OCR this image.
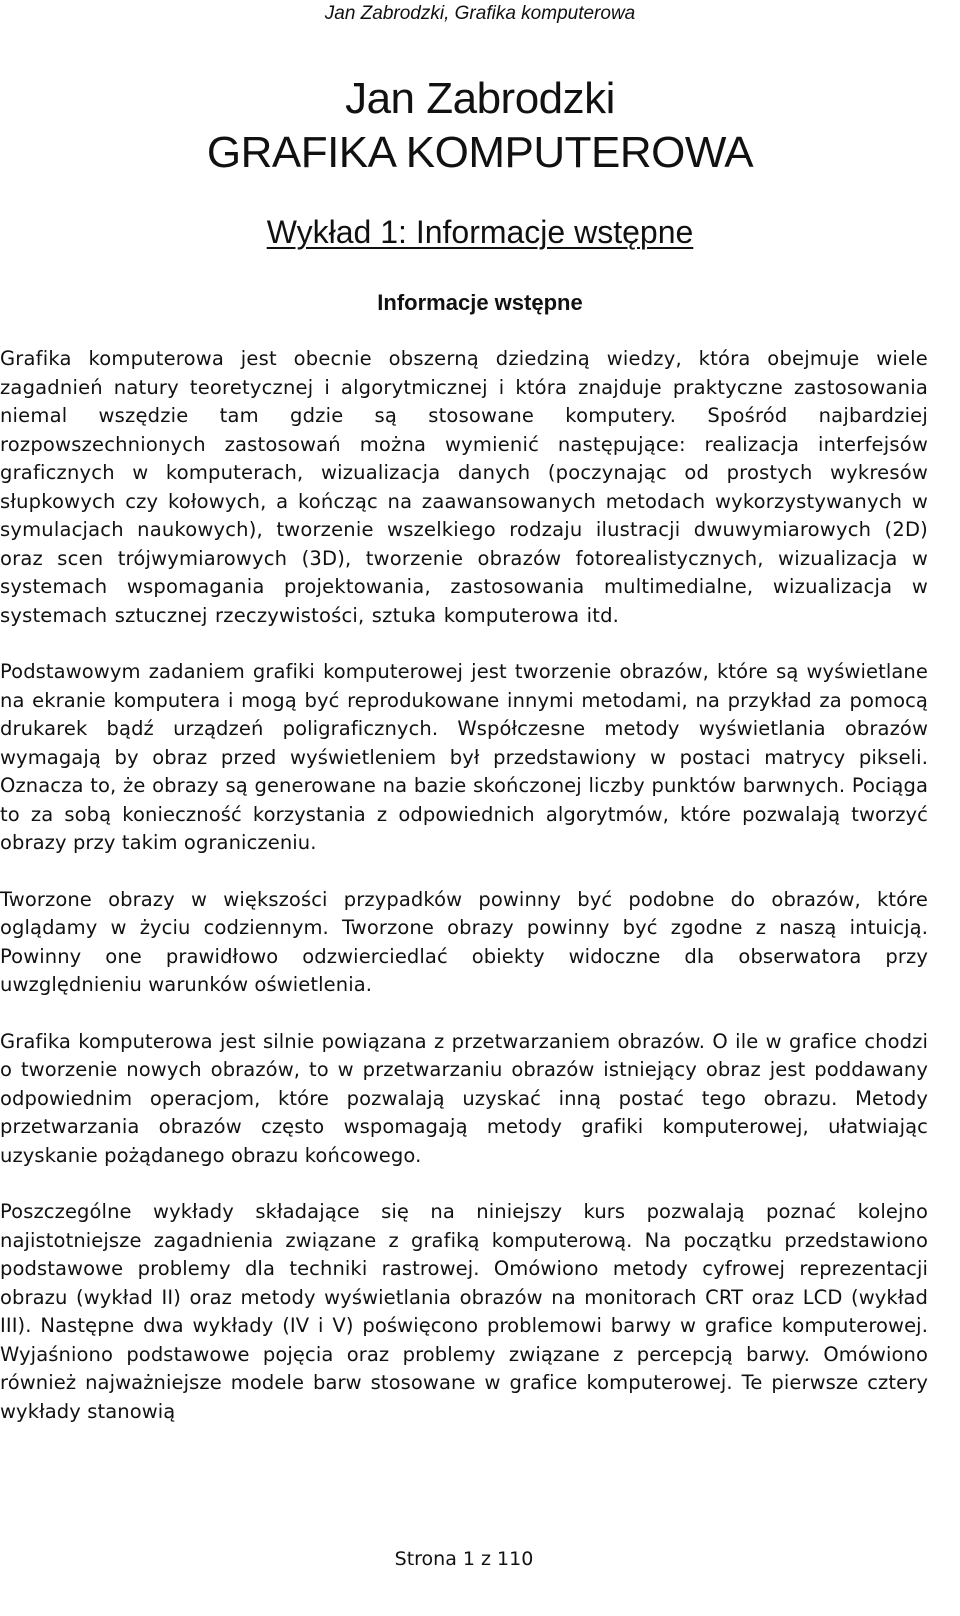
Jan Zabrodzki, Grafika komputerowa
Jan Zabrodzki
GRAFIKA KOMPUTEROWA
Wykład 1: Informacje wstępne
Informacje wstępne

Grafika komputerowa jest obecnie obszerną dziedziną wiedzy, która obejmuje wiele zagadnień natury teoretycznej i algorytmicznej i która znajduje praktyczne zastosowania niemal wszędzie tam gdzie są stosowane komputery. Spośród najbardziej rozpowszechnionych zastosowań można wymienić następujące: realizacja interfejsów graficznych w komputerach, wizualizacja danych (poczynając od prostych wykresów słupkowych czy kołowych, a kończąc na zaawansowanych metodach wykorzystywanych w symulacjach naukowych), tworzenie wszelkiego rodzaju ilustracji dwuwymiarowych (2D) oraz scen trójwymiarowych (3D), tworzenie obrazów fotorealistycznych, wizualizacja w systemach wspomagania projektowania, zastosowania multimedialne, wizualizacja w systemach sztucznej rzeczywistości, sztuka komputerowa itd.

Podstawowym zadaniem grafiki komputerowej jest tworzenie obrazów, które są wyświetlane na ekranie komputera i mogą być reprodukowane innymi metodami, na przykład za pomocą drukarek bądź urządzeń poligraficznych. Współczesne metody wyświetlania obrazów wymagają by obraz przed wyświetleniem był przedstawiony w postaci matrycy pikseli. Oznacza to, że obrazy są generowane na bazie skończonej liczby punktów barwnych. Pociąga to za sobą konieczność korzystania z odpowiednich algorytmów, które pozwalają tworzyć obrazy przy takim ograniczeniu.

Tworzone obrazy w większości przypadków powinny być podobne do obrazów, które oglądamy w życiu codziennym. Tworzone obrazy powinny być zgodne z naszą intuicją. Powinny one prawidłowo odzwierciedlać obiekty widoczne dla obserwatora przy uwzględnieniu warunków oświetlenia.

Grafika komputerowa jest silnie powiązana z przetwarzaniem obrazów. O ile w grafice chodzi o tworzenie nowych obrazów, to w przetwarzaniu obrazów istniejący obraz jest poddawany odpowiednim operacjom, które pozwalają uzyskać inną postać tego obrazu. Metody przetwarzania obrazów często wspomagają metody grafiki komputerowej, ułatwiając uzyskanie pożądanego obrazu końcowego.

Poszczególne wykłady składające się na niniejszy kurs pozwalają poznać kolejno najistotniejsze zagadnienia związane z grafiką komputerową. Na początku przedstawiono podstawowe problemy dla techniki rastrowej. Omówiono metody cyfrowej reprezentacji obrazu (wykład II) oraz metody wyświetlania obrazów na monitorach CRT oraz LCD (wykład III). Następne dwa wykłady (IV i V) poświęcono problemowi barwy w grafice komputerowej. Wyjaśniono podstawowe pojęcia oraz problemy związane z percepcją barwy. Omówiono również najważniejsze modele barw stosowane w grafice komputerowej. Te pierwsze cztery wykłady stanowią

Strona 1 z 110
